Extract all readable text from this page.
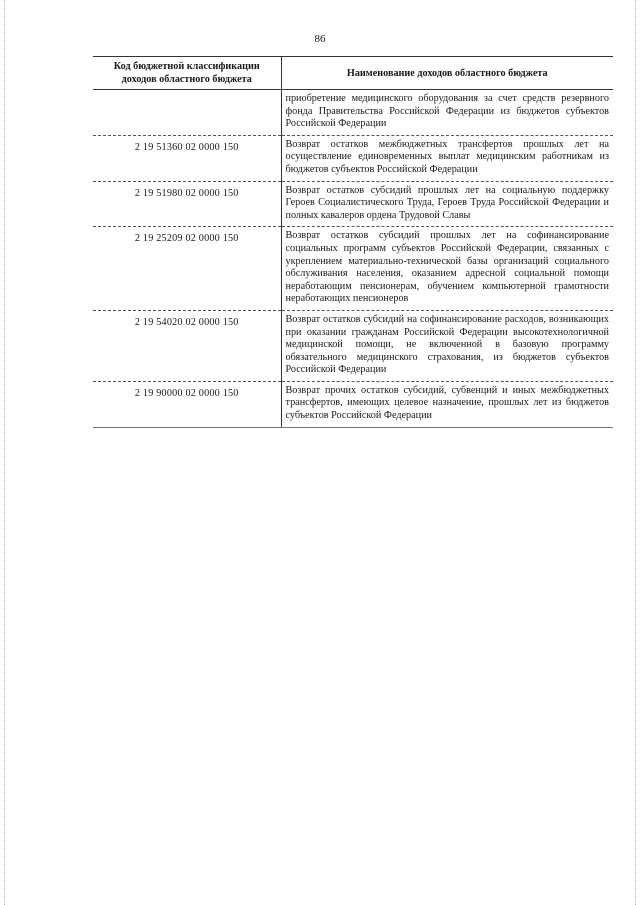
86
Код бюджетной классификации доходов областного бюджета	Наименование доходов областного бюджета
	приобретение медицинского оборудования за счет средств резервного фонда Правительства Российской Федерации из бюджетов субъектов Российской Федерации
2 19 51360 02 0000 150	Возврат остатков межбюджетных трансфертов прошлых лет на осуществление единовременных выплат медицинским работникам из бюджетов субъектов Российской Федерации
2 19 51980 02 0000 150	Возврат остатков субсидий прошлых лет на социальную поддержку Героев Социалистического Труда, Героев Труда Российской Федерации и полных кавалеров ордена Трудовой Славы
2 19 25209 02 0000 150	Возврат остатков субсидий прошлых лет на софинансирование социальных программ субъектов Российской Федерации, связанных с укреплением материально-технической базы организаций социального обслуживания населения, оказанием адресной социальной помощи неработающим пенсионерам, обучением компьютерной грамотности неработающих пенсионеров
2 19 54020 02 0000 150	Возврат остатков субсидий на софинансирование расходов, возникающих при оказании гражданам Российской Федерации высокотехнологичной медицинской помощи, не включенной в базовую программу обязательного медицинского страхования, из бюджетов субъектов Российской Федерации
2 19 90000 02 0000 150	Возврат прочих остатков субсидий, субвенций и иных межбюджетных трансфертов, имеющих целевое назначение, прошлых лет из бюджетов субъектов Российской Федерации
